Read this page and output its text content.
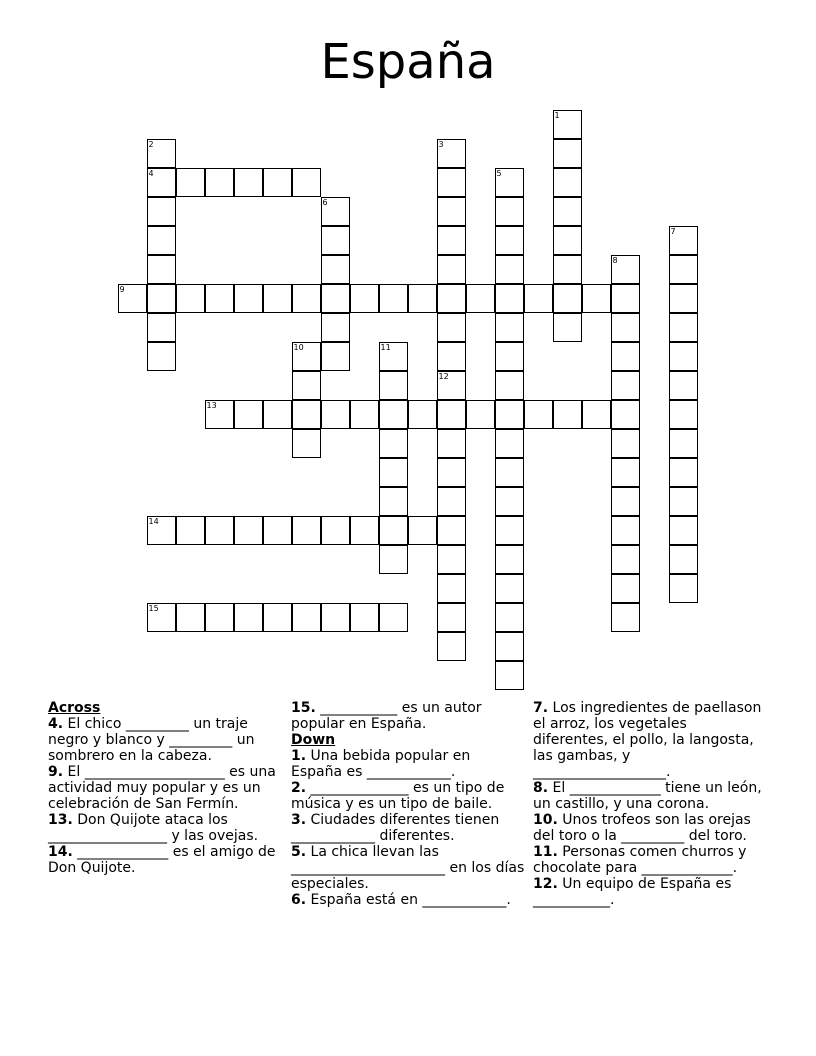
España
1
2
4
3
5
6
7
8
9
10	11
12
13
14
15

Across

4. El chico _________ un traje negro y blanco y _________ un sombrero en la cabeza.

9. El ____________________ es una actividad muy popular y es un celebración de San Fermín.

13. Don Quijote ataca los _________________ y las ovejas.

14. _____________ es el amigo de Don Quijote.

15. ___________ es un autor popular en España.

Down

1. Una bebida popular en España es ____________.

2. ______________ es un tipo de música y es un tipo de baile.

3. Ciudades diferentes tienen ____________ diferentes.

5. La chica llevan las ______________________ en los días especiales.

6. España está en ____________.

7. Los ingredientes de paellason el arroz, los vegetales diferentes, el pollo, la langosta, las gambas, y ___________________.

8. El _____________ tiene un león, un castillo, y una corona.

10. Unos trofeos son las orejas del toro o la _________ del toro.

11. Personas comen churros y chocolate para _____________.

12. Un equipo de España es ___________.
